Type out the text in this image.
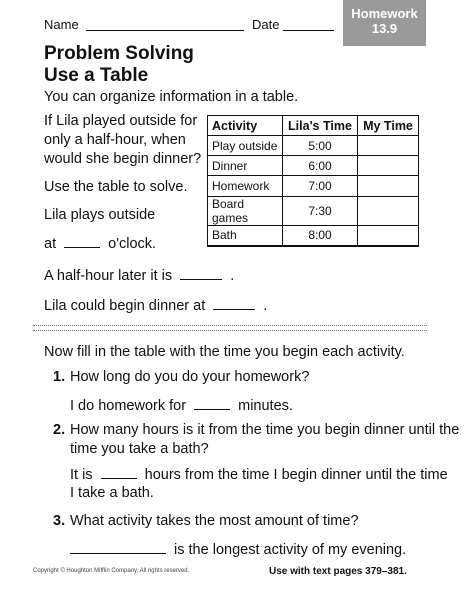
Name	Date
Homework
13.9
Problem Solving
Use a Table
You can organize information in a table.
If Lila played outside for
only a half-hour, when
would she begin dinner?
Use the table to solve.
Lila plays outside
at	o'clock.
A half-hour later it is	.
Lila could begin dinner at	.
Activity	Lila's Time	My Time
Play outside	5:00	
Dinner	6:00	
Homework	7:00	
Board games	7:30	
Bath	8:00	
Now fill in the table with the time you begin each activity.
1. How long do you do your homework?
I do homework for	minutes.
2. How many hours is it from the time you begin dinner until the
time you take a bath?
It is	hours from the time I begin dinner until the time
I take a bath.
3. What activity takes the most amount of time?
is the longest activity of my evening.
Copyright © Houghton Mifflin Company. All rights reserved.	Use with text pages 379–381.
